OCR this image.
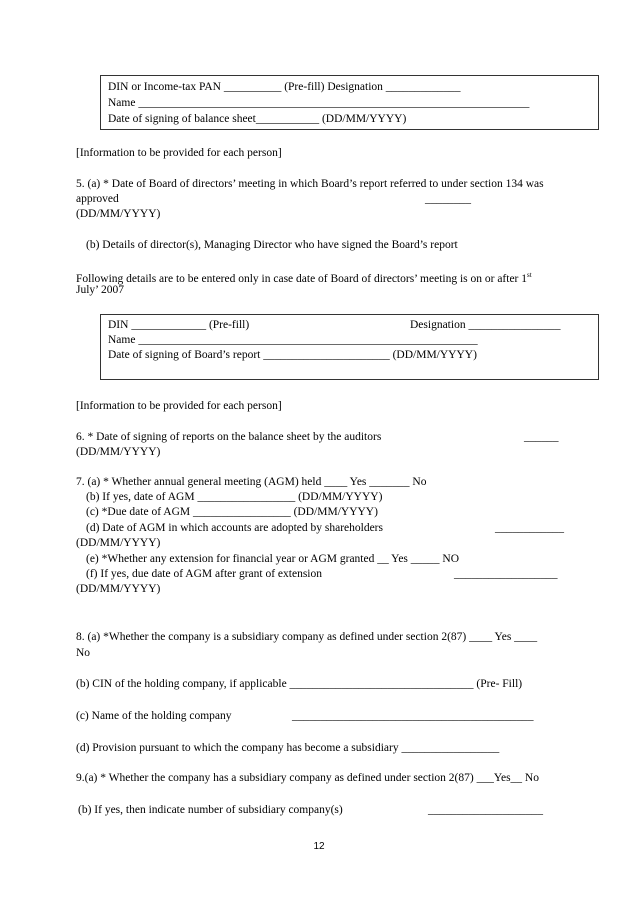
DIN or Income-tax PAN __________ (Pre-fill) Designation _____________
Name ____________________________________________________________________
Date of signing of balance sheet___________ (DD/MM/YYYY)
[Information to be provided for each person]
5. (a) * Date of Board of directors’ meeting in which Board’s report referred to under section 134 was
approved	________
(DD/MM/YYYY)
(b) Details of director(s), Managing Director who have signed the Board’s report
Following details are to be entered only in case date of Board of directors’ meeting is on or after 1st
July’ 2007
DIN _____________ (Pre-fill)	Designation ________________
Name ___________________________________________________________
Date of signing of Board’s report ______________________ (DD/MM/YYYY)
[Information to be provided for each person]
6. * Date of signing of reports on the balance sheet by the auditors	______
(DD/MM/YYYY)
7. (a) * Whether annual general meeting (AGM) held ____ Yes _______ No
(b) If yes, date of AGM _________________ (DD/MM/YYYY)
(c) *Due date of AGM _________________ (DD/MM/YYYY)
(d) Date of AGM in which accounts are adopted by shareholders	____________
(DD/MM/YYYY)
(e) *Whether any extension for financial year or AGM granted __ Yes _____ NO
(f) If yes, due date of AGM after grant of extension	__________________
(DD/MM/YYYY)
8. (a) *Whether the company is a subsidiary company as defined under section 2(87) ____ Yes ____
No
(b) CIN of the holding company, if applicable ________________________________ (Pre- Fill)
(c) Name of the holding company	__________________________________________
(d) Provision pursuant to which the company has become a subsidiary _________________
9.(a) * Whether the company has a subsidiary company as defined under section 2(87) ___Yes__ No
(b) If yes, then indicate number of subsidiary company(s)	____________________
12
